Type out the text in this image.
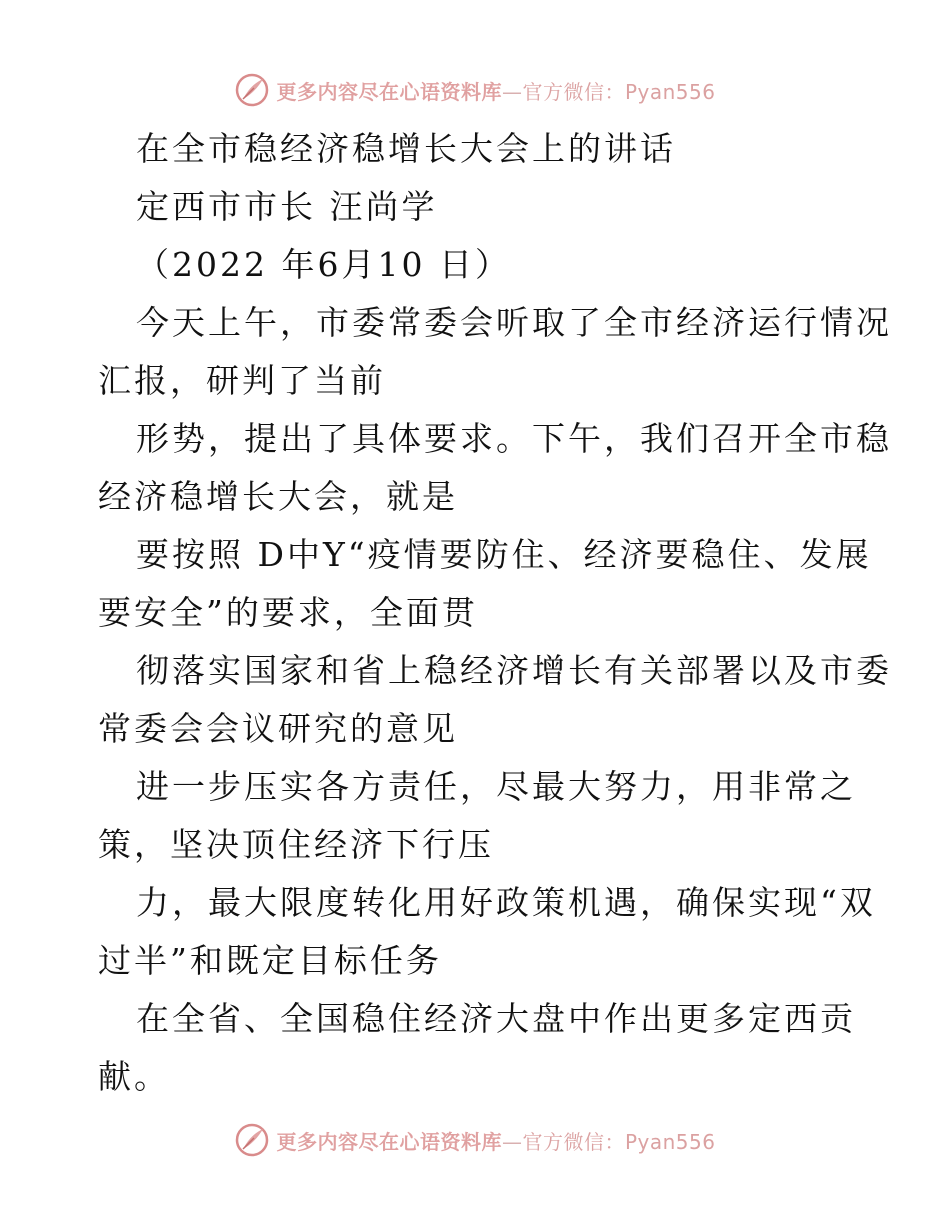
更多内容尽在心语资料库—官方微信：Pyan556
在全市稳经济稳增长大会上的讲话
定西市市长 汪尚学
（2022 年6月10 日）
今天上午，市委常委会听取了全市经济运行情况
汇报，研判了当前
形势，提出了具体要求。下午，我们召开全市稳
经济稳增长大会，就是
要按照 D中Y“疫情要防住、经济要稳住、发展
要安全”的要求，全面贯
彻落实国家和省上稳经济增长有关部署以及市委
常委会会议研究的意见
进一步压实各方责任，尽最大努力，用非常之
策，坚决顶住经济下行压
力，最大限度转化用好政策机遇，确保实现“双
过半”和既定目标任务
在全省、全国稳住经济大盘中作出更多定西贡
献。
更多内容尽在心语资料库—官方微信：Pyan556
